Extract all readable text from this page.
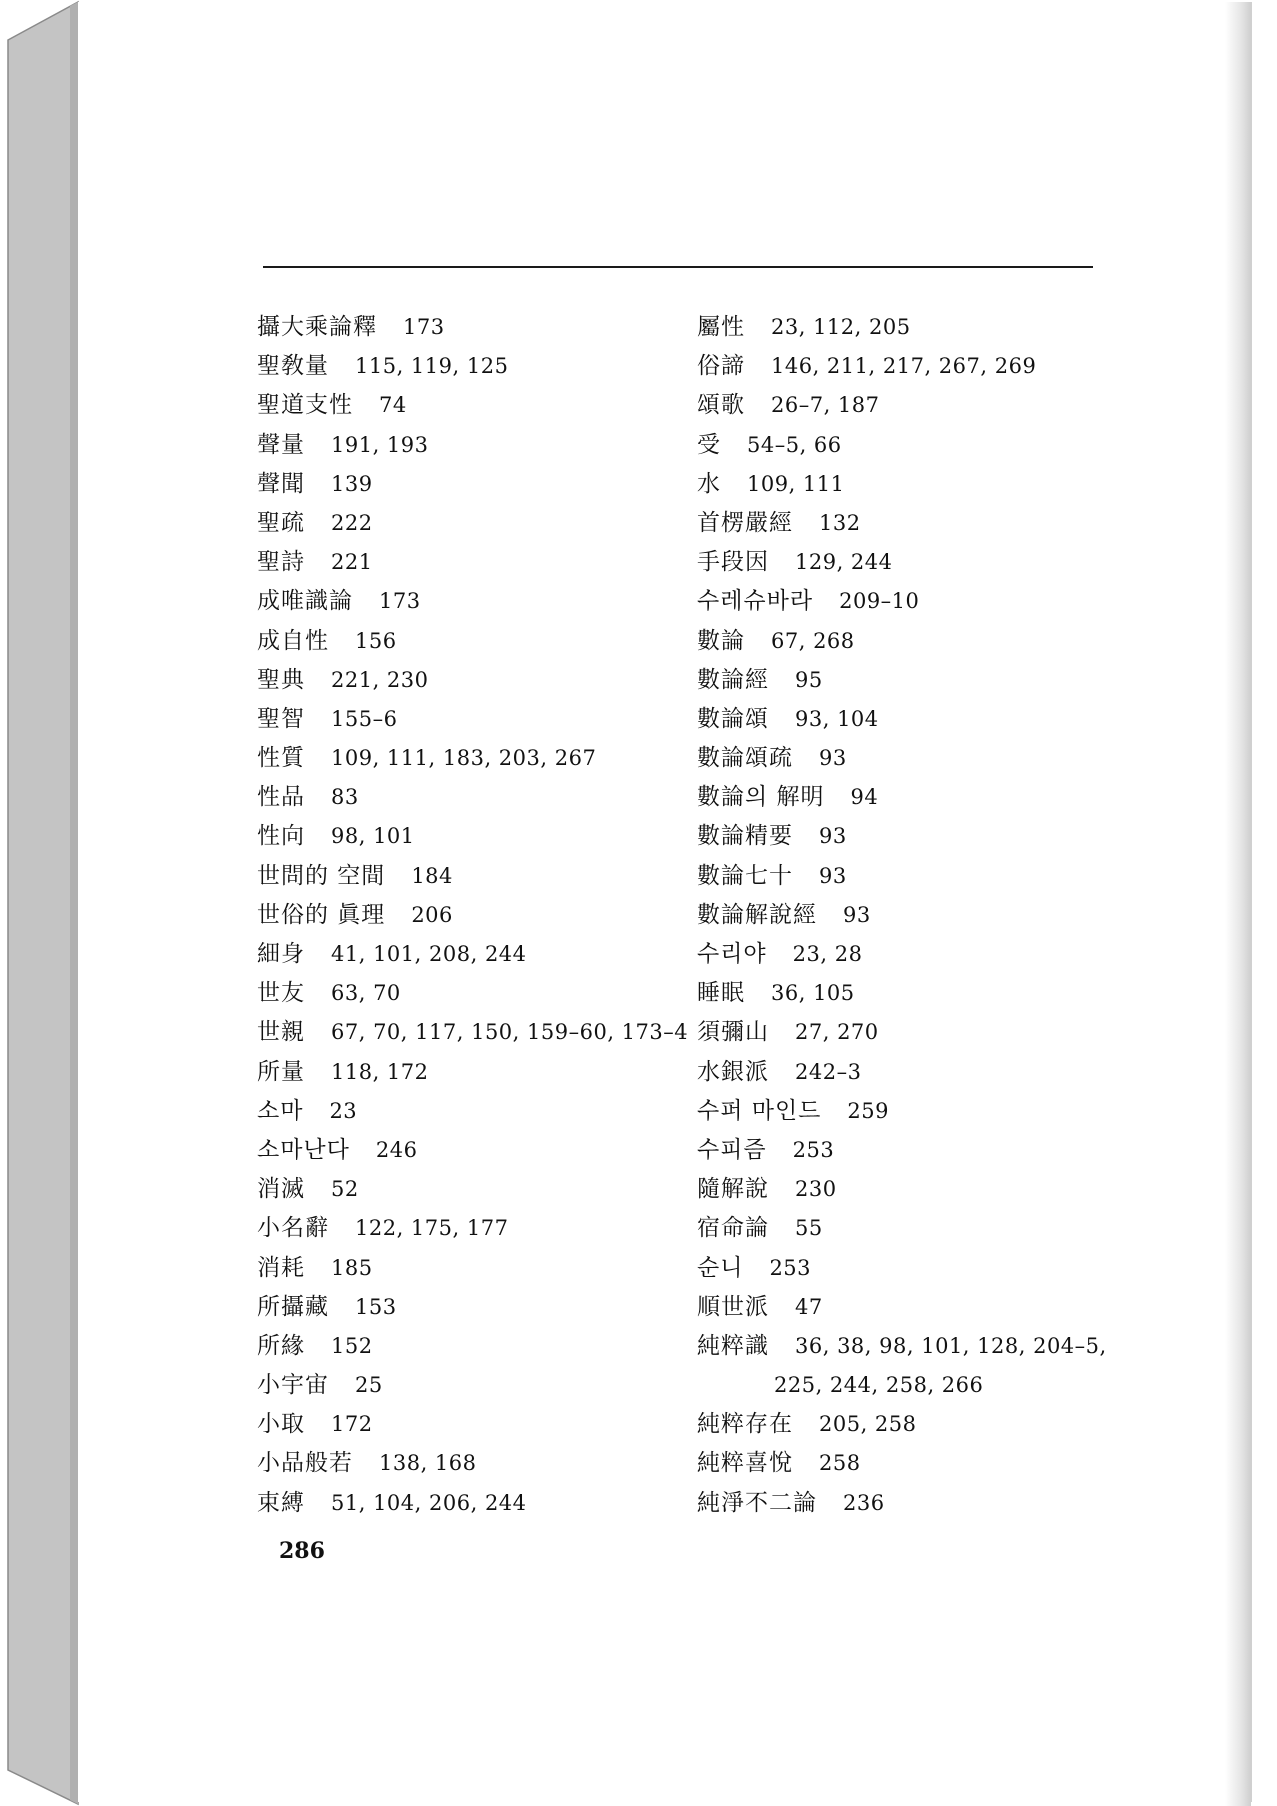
攝大乘論釋 173
聖敎量 115, 119, 125
聖道支性 74
聲量 191, 193
聲聞 139
聖疏 222
聖詩 221
成唯識論 173
成自性 156
聖典 221, 230
聖智 155–6
性質 109, 111, 183, 203, 267
性品 83
性向 98, 101
世問的 空間 184
世俗的 眞理 206
細身 41, 101, 208, 244
世友 63, 70
世親 67, 70, 117, 150, 159–60, 173–4
所量 118, 172
소마 23
소마난다 246
消滅 52
小名辭 122, 175, 177
消耗 185
所攝藏 153
所緣 152
小宇宙 25
小取 172
小品般若 138, 168
束縛 51, 104, 206, 244
屬性 23, 112, 205
俗諦 146, 211, 217, 267, 269
頌歌 26–7, 187
受 54–5, 66
水 109, 111
首楞嚴經 132
手段因 129, 244
수레슈바라 209–10
數論 67, 268
數論經 95
數論頌 93, 104
數論頌疏 93
數論의 解明 94
數論精要 93
數論七十 93
數論解說經 93
수리야 23, 28
睡眠 36, 105
須彌山 27, 270
水銀派 242–3
수퍼 마인드 259
수피즘 253
隨解說 230
宿命論 55
순니 253
順世派 47
純粹識 36, 38, 98, 101, 128, 204–5,
225, 244, 258, 266
純粹存在 205, 258
純粹喜悅 258
純淨不二論 236
286
